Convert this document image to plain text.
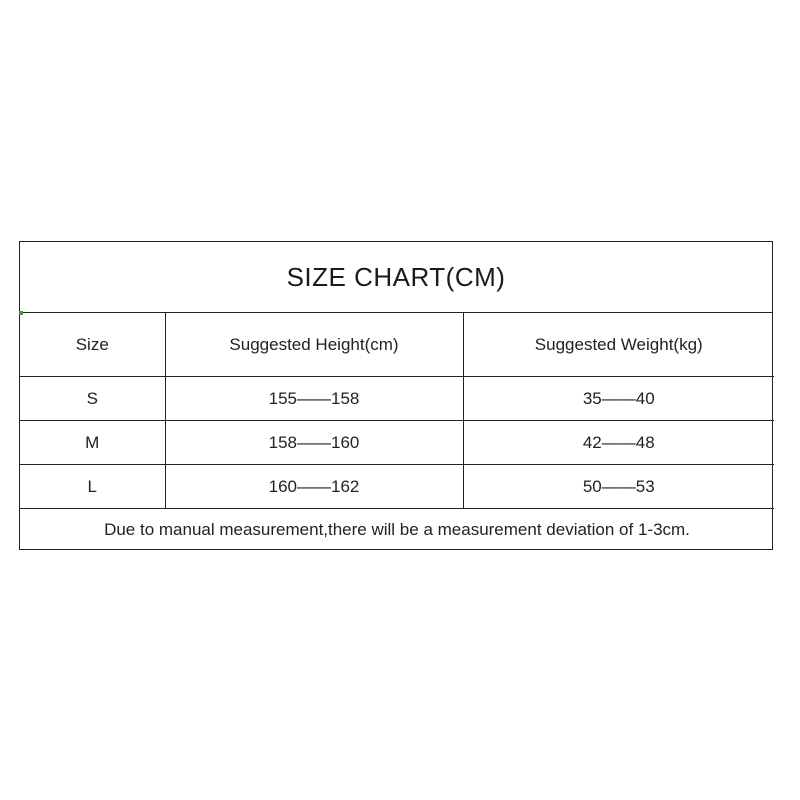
SIZE CHART(CM)
Size	Suggested Height(cm)	Suggested Weight(kg)
S	155——158	35——40
M	158——160	42——48
L	160——162	50——53
Due to manual measurement,there will be a measurement deviation of 1-3cm.		
